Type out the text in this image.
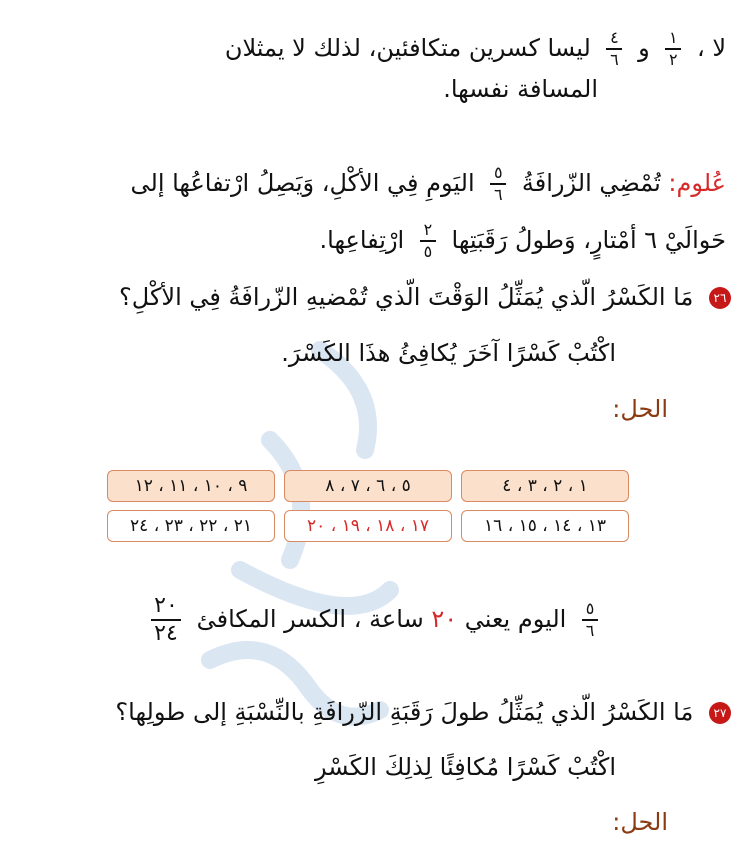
لا ،
$\frac{١}{٢}$
و
$\frac{٤}{٦}$
ليسا كسرين متكافئين، لذلك لا يمثلان
المسافة نفسها.
عُلوم: تُمْضِي الزّرافَةُ
$\frac{٥}{٦}$
اليَومِ فِي الأكْلِ، وَيَصِلُ ارْتفاعُها إلى
حَوالَيْ ٦ أمْتارٍ، وَطولُ رَقَبَتِها
$\frac{٢}{٥}$
ارْتِفاعِها.
٢٦ مَا الكَسْرُ الّذي يُمَثِّلُ الوَقْتَ الّذي تُمْضيهِ الزّرافَةُ فِي الأكْلِ؟
اكْتُبْ كَسْرًا آخَرَ يُكافِئُ هذَا الكَسْرَ.
الحل:
١ ، ٢ ، ٣ ، ٤
٥ ، ٦ ، ٧ ، ٨
٩ ، ١٠ ، ١١ ، ١٢
١٣ ، ١٤ ، ١٥ ، ١٦
١٧ ، ١٨ ، ١٩ ، ٢٠
٢١ ، ٢٢ ، ٢٣ ، ٢٤
$\frac{٥}{٦}$
اليوم يعني ٢٠ ساعة ، الكسر المكافئ
$\frac{٢٠}{٢٤}$
٢٧ مَا الكَسْرُ الّذي يُمَثِّلُ طولَ رَقَبَةِ الزّرافَةِ بالنِّسْبَةِ إلى طولِها؟
اكْتُبْ كَسْرًا مُكافِئًا لِذلِكَ الكَسْرِ
الحل:
